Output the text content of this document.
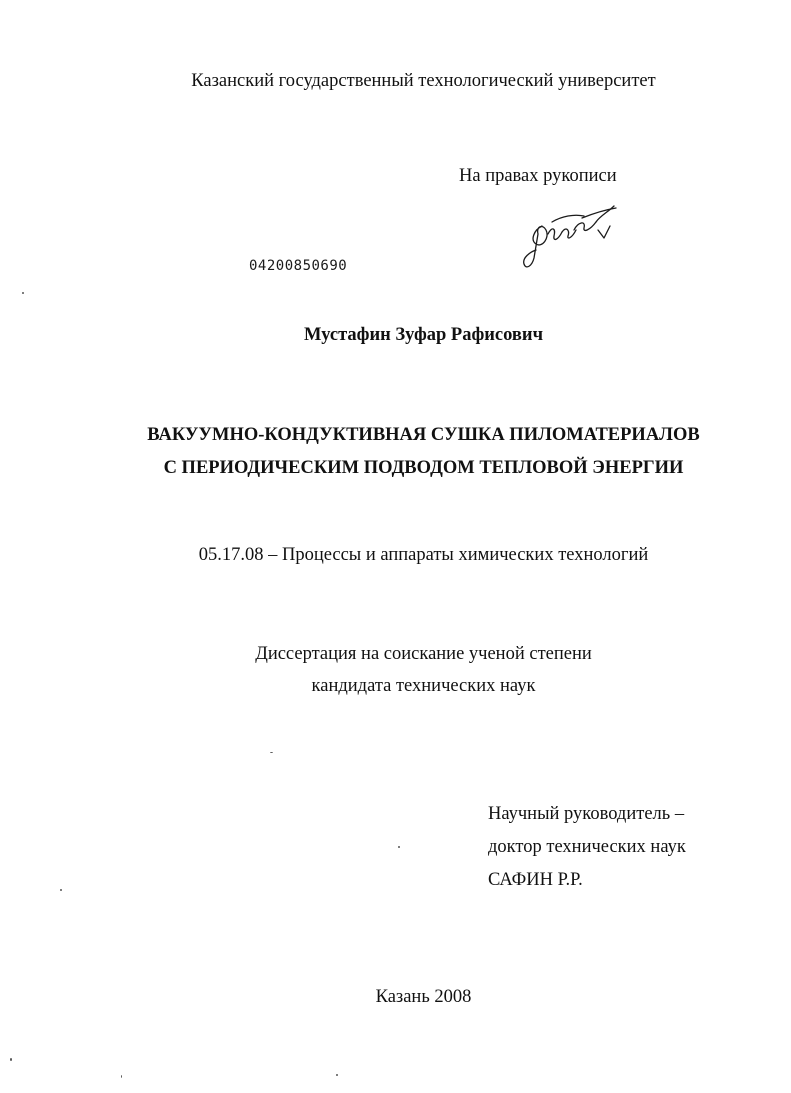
Казанский государственный технологический университет
На правах рукописи
04200850690
Мустафин Зуфар Рафисович
ВАКУУМНО-КОНДУКТИВНАЯ СУШКА ПИЛОМАТЕРИАЛОВ
С ПЕРИОДИЧЕСКИМ ПОДВОДОМ ТЕПЛОВОЙ ЭНЕРГИИ
05.17.08 – Процессы и аппараты химических технологий
Диссертация на соискание ученой степени
кандидата технических наук
Научный руководитель –
доктор технических наук
САФИН Р.Р.
Казань 2008
